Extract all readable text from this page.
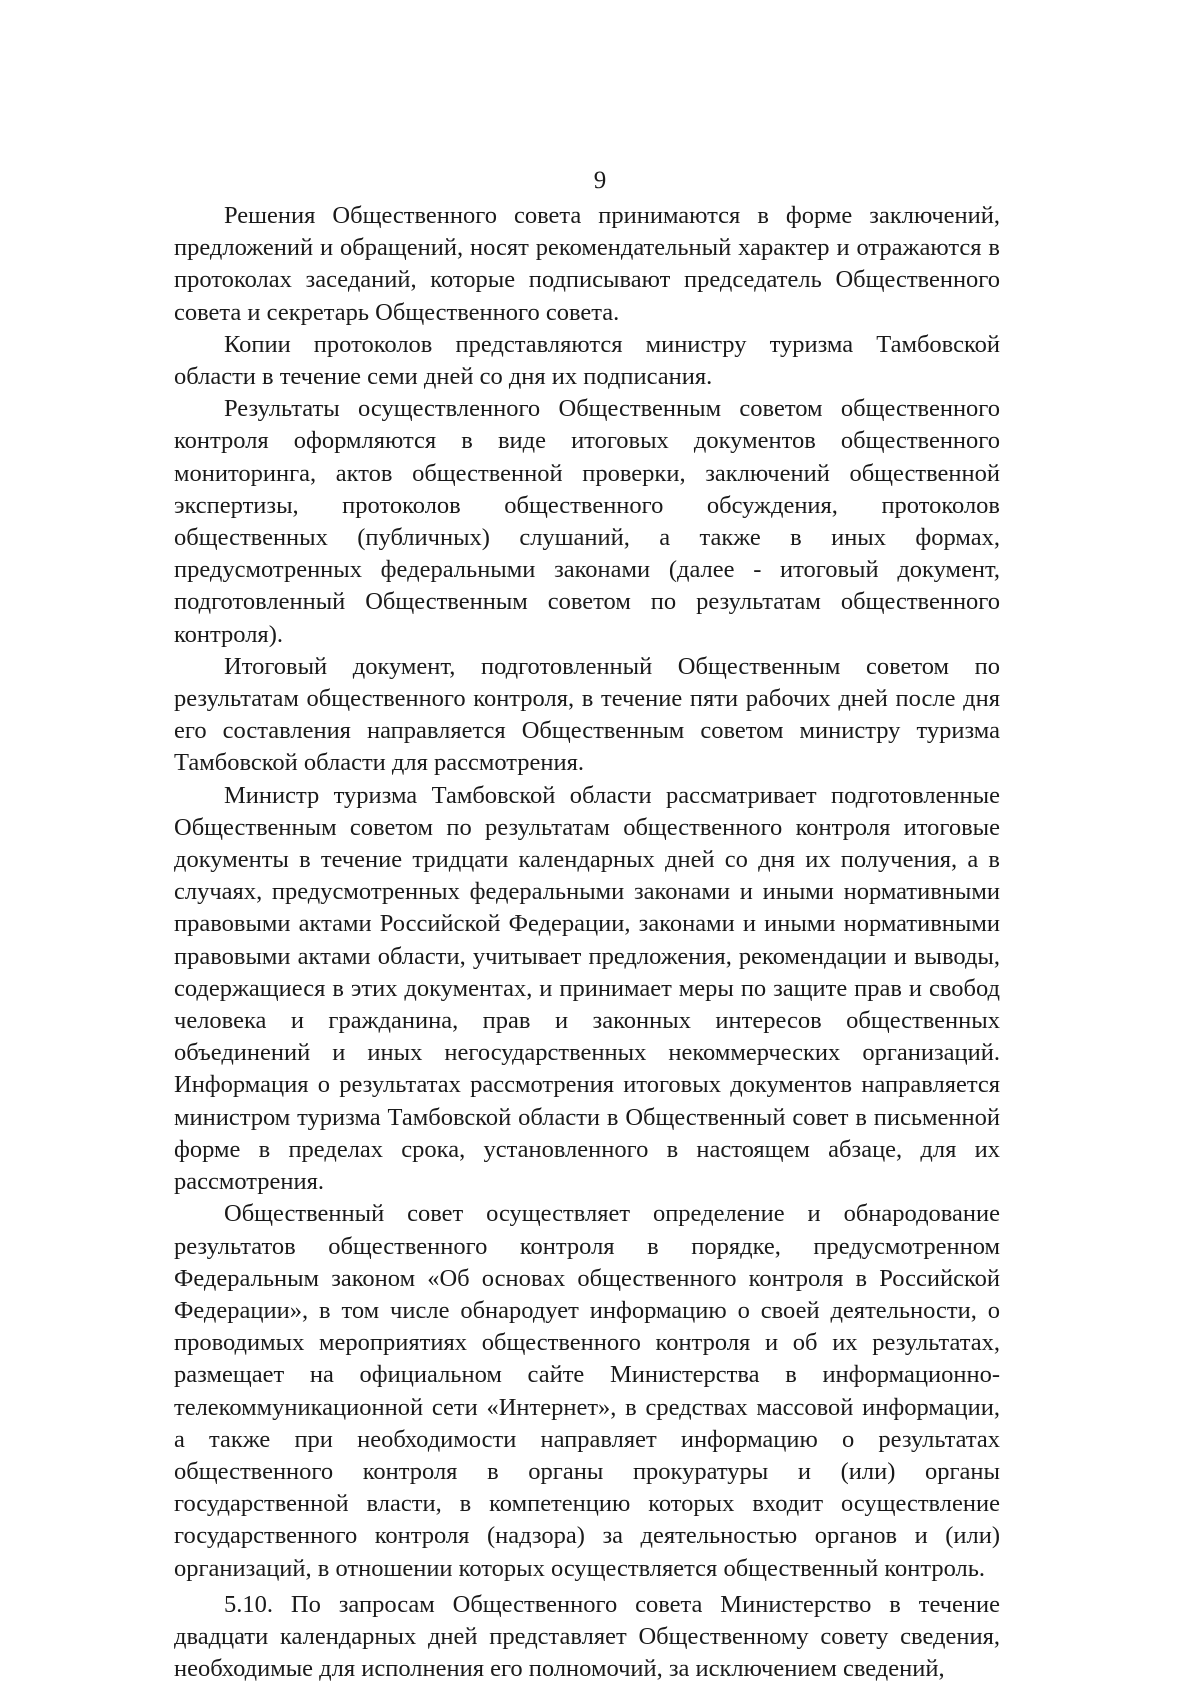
9

Решения Общественного совета принимаются в форме заключений, предложений и обращений, носят рекомендательный характер и отражаются в протоколах заседаний, которые подписывают председатель Общественного совета и секретарь Общественного совета.

Копии протоколов представляются министру туризма Тамбовской области в течение семи дней со дня их подписания.

Результаты осуществленного Общественным советом общественного контроля оформляются в виде итоговых документов общественного мониторинга, актов общественной проверки, заключений общественной экспертизы, протоколов общественного обсуждения, протоколов общественных (публичных) слушаний, а также в иных формах, предусмотренных федеральными законами (далее - итоговый документ, подготовленный Общественным советом по результатам общественного контроля).

Итоговый документ, подготовленный Общественным советом по результатам общественного контроля, в течение пяти рабочих дней после дня его составления направляется Общественным советом министру туризма Тамбовской области для рассмотрения.

Министр туризма Тамбовской области рассматривает подготовленные Общественным советом по результатам общественного контроля итоговые документы в течение тридцати календарных дней со дня их получения, а в случаях, предусмотренных федеральными законами и иными нормативными правовыми актами Российской Федерации, законами и иными нормативными правовыми актами области, учитывает предложения, рекомендации и выводы, содержащиеся в этих документах, и принимает меры по защите прав и свобод человека и гражданина, прав и законных интересов общественных объединений и иных негосударственных некоммерческих организаций. Информация о результатах рассмотрения итоговых документов направляется министром туризма Тамбовской области в Общественный совет в письменной форме в пределах срока, установленного в настоящем абзаце, для их рассмотрения.

Общественный совет осуществляет определение и обнародование результатов общественного контроля в порядке, предусмотренном Федеральным законом «Об основах общественного контроля в Российской Федерации», в том числе обнародует информацию о своей деятельности, о проводимых мероприятиях общественного контроля и об их результатах, размещает на официальном сайте Министерства в информационно-телекоммуникационной сети «Интернет», в средствах массовой информации, а также при необходимости направляет информацию о результатах общественного контроля в органы прокуратуры и (или) органы государственной власти, в компетенцию которых входит осуществление государственного контроля (надзора) за деятельностью органов и (или) организаций, в отношении которых осуществляется общественный контроль.

5.10. По запросам Общественного совета Министерство в течение двадцати календарных дней представляет Общественному совету сведения, необходимые для исполнения его полномочий, за исключением сведений,
